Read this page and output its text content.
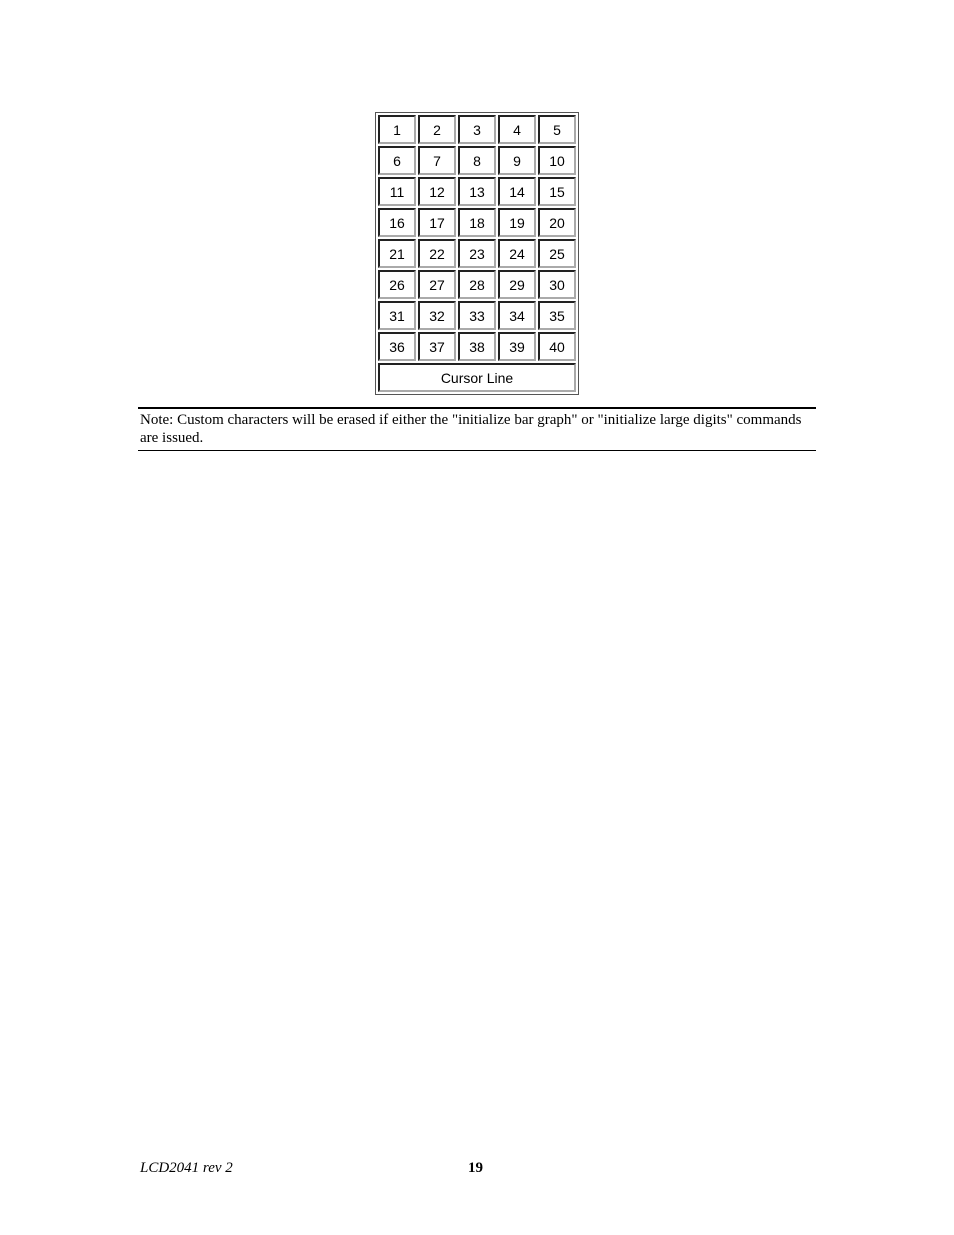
1	2	3	4	5
6	7	8	9	10
11	12	13	14	15
16	17	18	19	20
21	22	23	24	25
26	27	28	29	30
31	32	33	34	35
36	37	38	39	40
Cursor Line				
Note: Custom characters will be erased if either the "initialize bar graph" or "initialize large digits" commands are issued.
LCD2041 rev 2	19
